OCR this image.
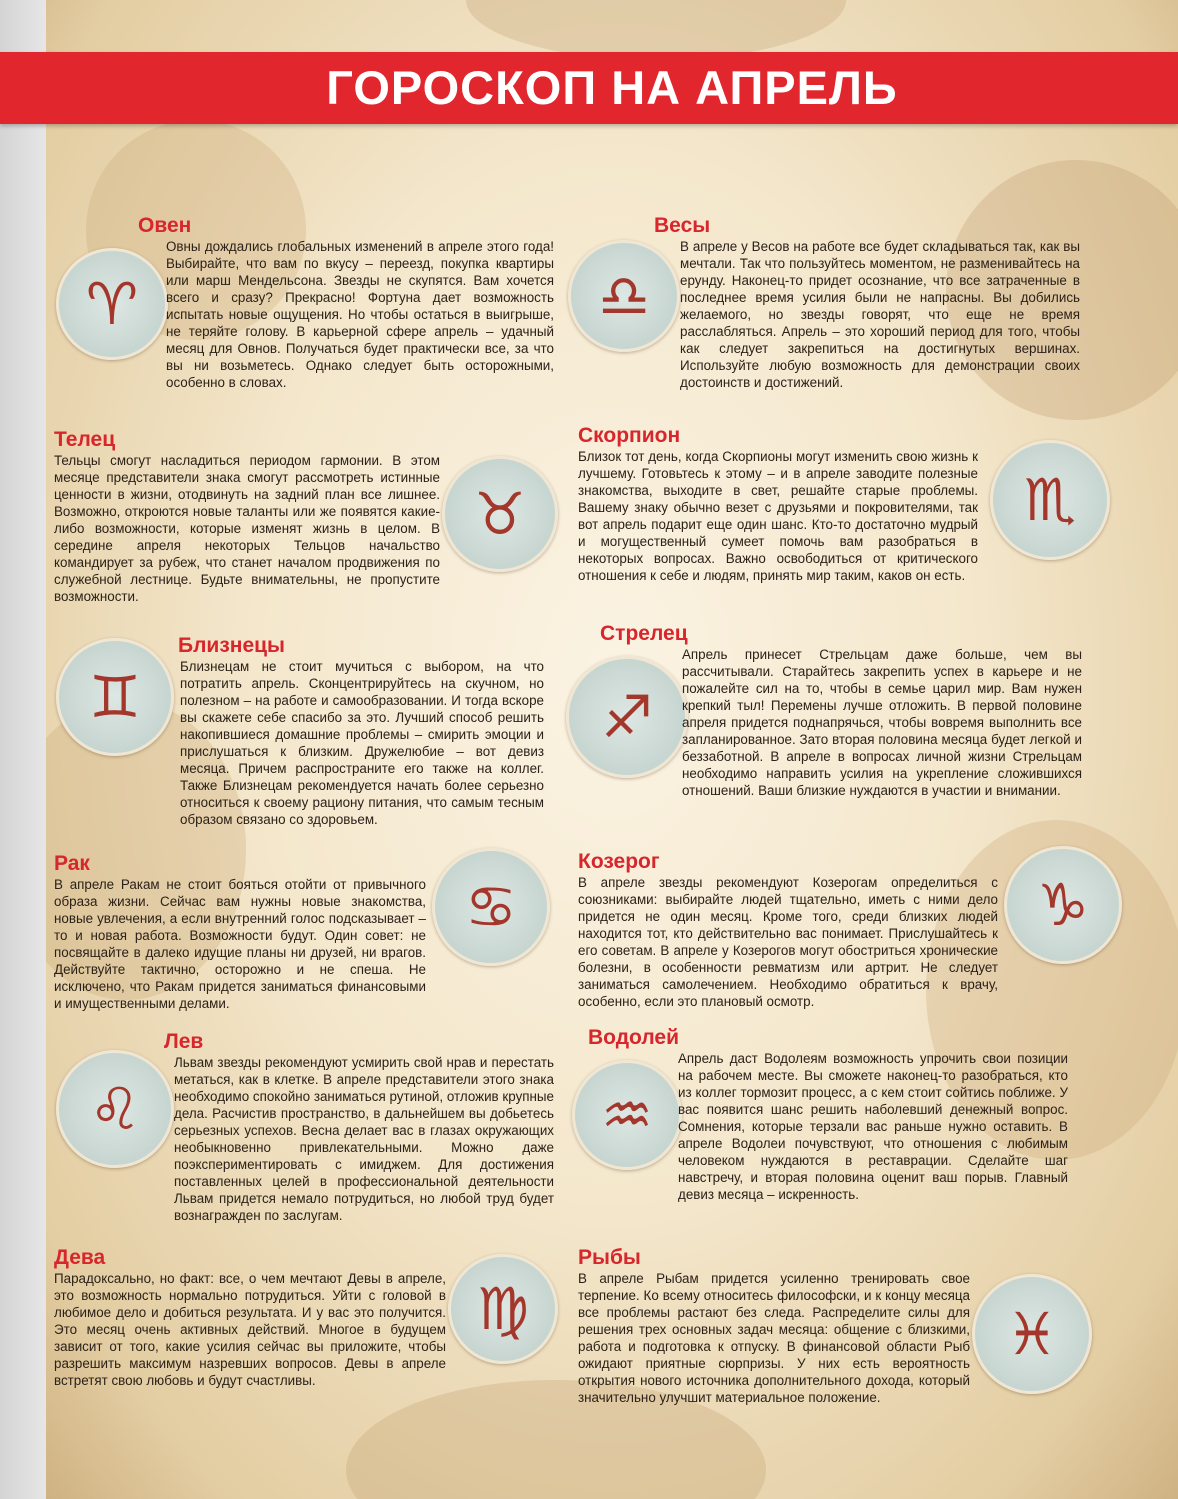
ГОРОСКОП НА АПРЕЛЬ
♈
Овен

Овны дождались глобальных изменений в апреле этого года! Выбирайте, что вам по вкусу – переезд, покупка квартиры или марш Мендельсона. Звезды не скупятся. Вам хочется всего и сразу? Прекрасно! Фортуна дает возможность испытать новые ощущения. Но чтобы остаться в выигрыше, не теряйте голову. В карьерной сфере апрель – удачный месяц для Овнов. Получаться будет практически все, за что вы ни возьметесь. Однако следует быть осторожными, особенно в словах.

Телец

Тельцы смогут насладиться периодом гармонии. В этом месяце представители знака смогут рассмотреть истинные ценности в жизни, отодвинуть на задний план все лишнее. Возможно, откроются новые таланты или же появятся какие-либо возможности, которые изменят жизнь в целом. В середине апреля некоторых Тельцов начальство командирует за рубеж, что станет началом продвижения по служебной лестнице. Будьте внимательны, не пропустите возможности.

♉
♊
Близнецы

Близнецам не стоит мучиться с выбором, на что потратить апрель. Сконцентрируйтесь на скучном, но полезном – на работе и самообразовании. И тогда вскоре вы скажете себе спасибо за это. Лучший способ решить накопившиеся домашние проблемы – смирить эмоции и прислушаться к близким. Дружелюбие – вот девиз месяца. Причем распространите его также на коллег. Также Близнецам рекомендуется начать более серьезно относиться к своему рациону питания, что самым тесным образом связано со здоровьем.

Рак

В апреле Ракам не стоит бояться отойти от привычного образа жизни. Сейчас вам нужны новые знакомства, новые увлечения, а если внутренний голос подсказывает – то и новая работа. Возможности будут. Один совет: не посвящайте в далеко идущие планы ни друзей, ни врагов. Действуйте тактично, осторожно и не спеша. Не исключено, что Ракам придется заниматься финансовыми и имущественными делами.

♋
♌
Лев

Львам звезды рекомендуют усмирить свой нрав и перестать метаться, как в клетке. В апреле представители этого знака необходимо спокойно заниматься рутиной, отложив крупные дела. Расчистив пространство, в дальнейшем вы добьетесь серьезных успехов. Весна делает вас в глазах окружающих необыкновенно привлекательными. Можно даже поэкспериментировать с имиджем. Для достижения поставленных целей в профессиональной деятельности Львам придется немало потрудиться, но любой труд будет вознагражден по заслугам.

Дева

Парадоксально, но факт: все, о чем мечтают Девы в апреле, это возможность нормально потрудиться. Уйти с головой в любимое дело и добиться результата. И у вас это получится. Это месяц очень активных действий. Многое в будущем зависит от того, какие усилия сейчас вы приложите, чтобы разрешить максимум назревших вопросов. Девы в апреле встретят свою любовь и будут счастливы.

♍
♎
Весы

В апреле у Весов на работе все будет складываться так, как вы мечтали. Так что пользуйтесь моментом, не разменивайтесь на ерунду. Наконец-то придет осознание, что все затраченные в последнее время усилия были не напрасны. Вы добились желаемого, но звезды говорят, что еще не время расслабляться. Апрель – это хороший период для того, чтобы как следует закрепиться на достигнутых вершинах. Используйте любую возможность для демонстрации своих достоинств и достижений.

Скорпион

Близок тот день, когда Скорпионы могут изменить свою жизнь к лучшему. Готовьтесь к этому – и в апреле заводите полезные знакомства, выходите в свет, решайте старые проблемы. Вашему знаку обычно везет с друзьями и покровителями, так вот апрель подарит еще один шанс. Кто-то достаточно мудрый и могущественный сумеет помочь вам разобраться в некоторых вопросах. Важно освободиться от критического отношения к себе и людям, принять мир таким, каков он есть.

♏
♐
Стрелец

Апрель принесет Стрельцам даже больше, чем вы рассчитывали. Старайтесь закрепить успех в карьере и не пожалейте сил на то, чтобы в семье царил мир. Вам нужен крепкий тыл! Перемены лучше отложить. В первой половине апреля придется поднапрячься, чтобы вовремя выполнить все запланированное. Зато вторая половина месяца будет легкой и беззаботной. В апреле в вопросах личной жизни Стрельцам необходимо направить усилия на укрепление сложившихся отношений. Ваши близкие нуждаются в участии и внимании.

Козерог

В апреле звезды рекомендуют Козерогам определиться с союзниками: выбирайте людей тщательно, иметь с ними дело придется не один месяц. Кроме того, среди близких людей находится тот, кто действительно вас понимает. Прислушайтесь к его советам. В апреле у Козерогов могут обостриться хронические болезни, в особенности ревматизм или артрит. Не следует заниматься самолечением. Необходимо обратиться к врачу, особенно, если это плановый осмотр.

♑
♒
Водолей

Апрель даст Водолеям возможность упрочить свои позиции на рабочем месте. Вы сможете наконец-то разобраться, кто из коллег тормозит процесс, а с кем стоит сойтись поближе. У вас появится шанс решить наболевший денежный вопрос. Сомнения, которые терзали вас раньше нужно оставить. В апреле Водолеи почувствуют, что отношения с любимым человеком нуждаются в реставрации. Сделайте шаг навстречу, и вторая половина оценит ваш порыв. Главный девиз месяца – искренность.

Рыбы

В апреле Рыбам придется усиленно тренировать свое терпение. Ко всему относитесь философски, и к концу месяца все проблемы растают без следа. Распределите силы для решения трех основных задач месяца: общение с близкими, работа и подготовка к отпуску. В финансовой области Рыб ожидают приятные сюрпризы. У них есть вероятность открытия нового источника дополнительного дохода, который значительно улучшит материальное положение.

♓
